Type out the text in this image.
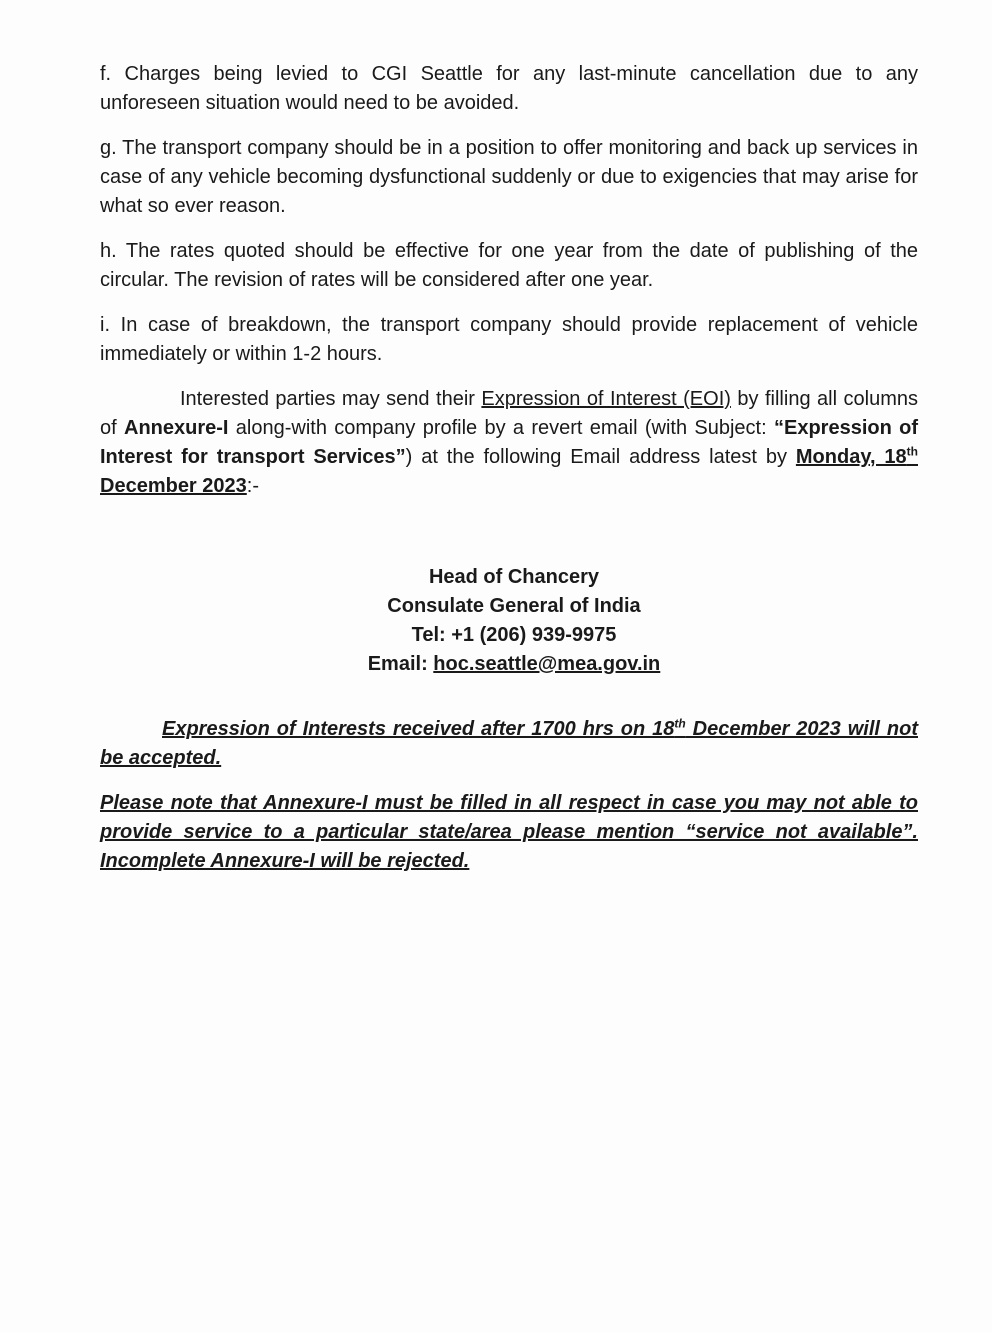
f. Charges being levied to CGI Seattle for any last-minute cancellation due to any unforeseen situation would need to be avoided.

g. The transport company should be in a position to offer monitoring and back up services in case of any vehicle becoming dysfunctional suddenly or due to exigencies that may arise for what so ever reason.

h. The rates quoted should be effective for one year from the date of publishing of the circular. The revision of rates will be considered after one year.

i. In case of breakdown, the transport company should provide replacement of vehicle immediately or within 1-2 hours.

Interested parties may send their Expression of Interest (EOI) by filling all columns of Annexure-I along-with company profile by a revert email (with Subject: “Expression of Interest for transport Services”) at the following Email address latest by Monday, 18th December 2023:-

Head of Chancery
Consulate General of India
Tel: +1 (206) 939-9975
Email: hoc.seattle@mea.gov.in

Expression of Interests received after 1700 hrs on 18th December 2023 will not be accepted.

Please note that Annexure-I must be filled in all respect in case you may not able to provide service to a particular state/area please mention “service not available”. Incomplete Annexure-I will be rejected.
